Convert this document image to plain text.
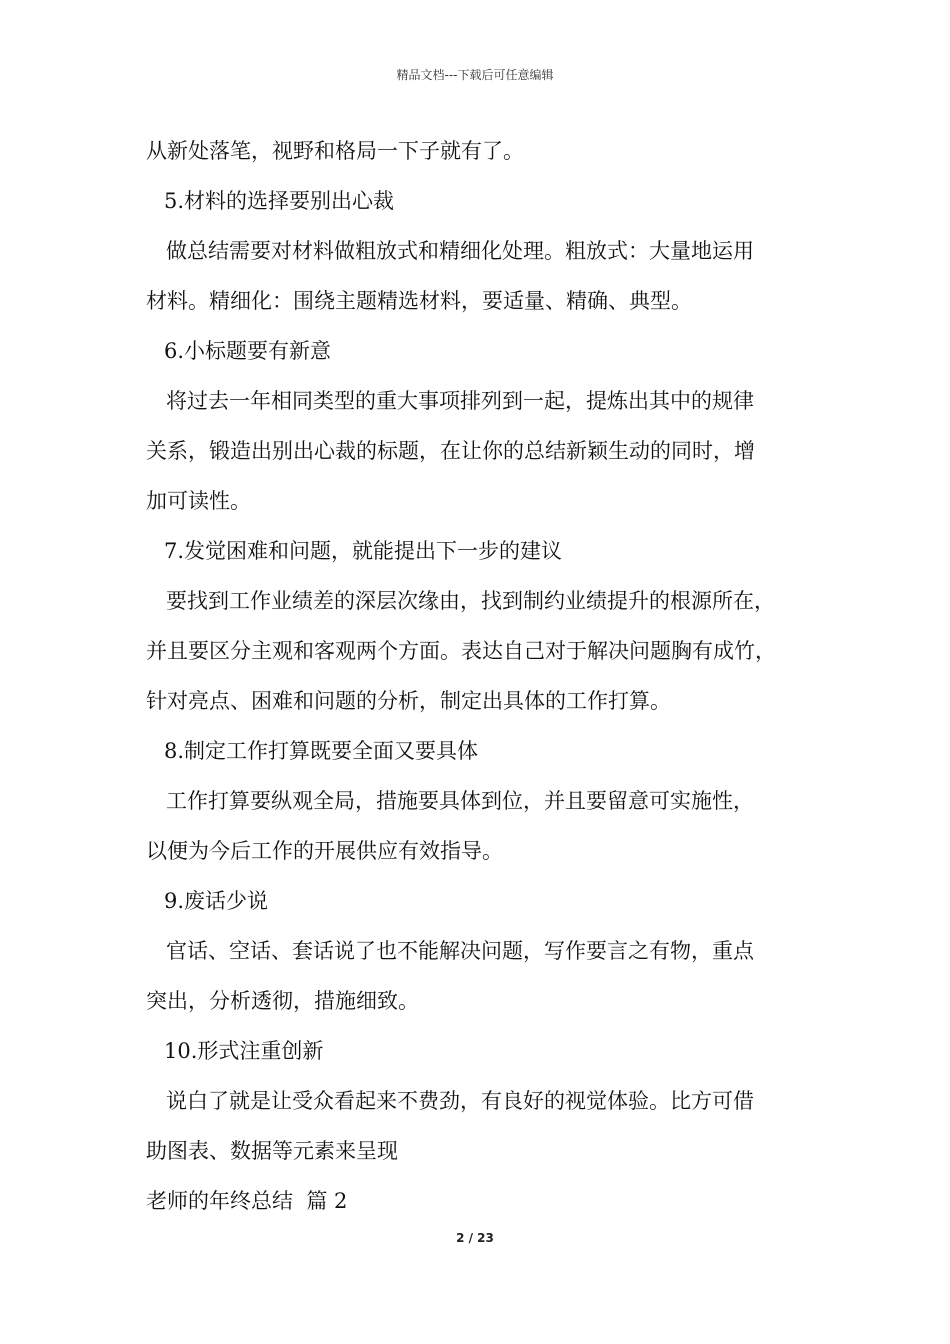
精品文档---下载后可任意编辑
从新处落笔，视野和格局一下子就有了。
5.材料的选择要别出心裁
做总结需要对材料做粗放式和精细化处理。粗放式：大量地运用
材料。精细化：围绕主题精选材料，要适量、精确、典型。
6.小标题要有新意
将过去一年相同类型的重大事项排列到一起，提炼出其中的规律
关系，锻造出别出心裁的标题，在让你的总结新颖生动的同时，增
加可读性。
7.发觉困难和问题，就能提出下一步的建议
要找到工作业绩差的深层次缘由，找到制约业绩提升的根源所在，
并且要区分主观和客观两个方面。表达自己对于解决问题胸有成竹，
针对亮点、困难和问题的分析，制定出具体的工作打算。
8.制定工作打算既要全面又要具体
工作打算要纵观全局，措施要具体到位，并且要留意可实施性，
以便为今后工作的开展供应有效指导。
9.废话少说
官话、空话、套话说了也不能解决问题，写作要言之有物，重点
突出，分析透彻，措施细致。
10.形式注重创新
说白了就是让受众看起来不费劲，有良好的视觉体验。比方可借
助图表、数据等元素来呈现
老师的年终总结  篇 2
2 / 23
